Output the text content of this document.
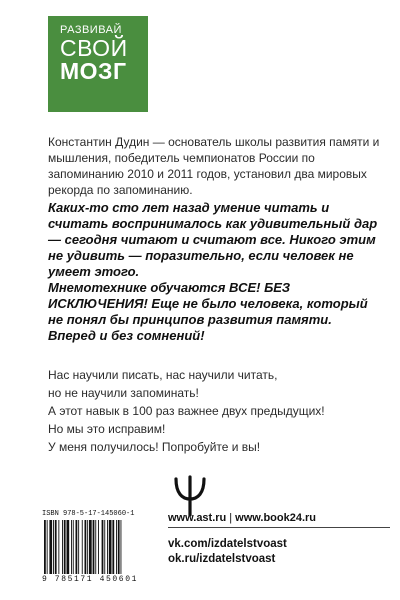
РАЗВИВАЙ
СВОЙ
МОЗГ

Константин Дудин — основатель школы развития памяти и мышления, победитель чемпионатов России по запоминанию 2010 и 2011 годов, установил два мировых рекорда по запоминанию.

Каких-то сто лет назад умение читать и считать воспринималось как удивительный дар — сегодня читают и считают все. Никого этим не удивить — поразительно, если человек не умеет этого.

Мнемотехнике обучаются ВСЕ! БЕЗ ИСКЛЮЧЕНИЯ! Еще не было человека, который не понял бы принципов развития памяти. Вперед и без сомнений!

Нас научили писать, нас научили читать,
но не научили запоминать!
А этот навык в 100 раз важнее двух предыдущих!
Но мы это исправим!
У меня получилось! Попробуйте и вы!
ISBN 978-5-17-145060-1
9 785171 450601
www.ast.ru | www.book24.ru
vk.com/izdatelstvoast
ok.ru/izdatelstvoast
